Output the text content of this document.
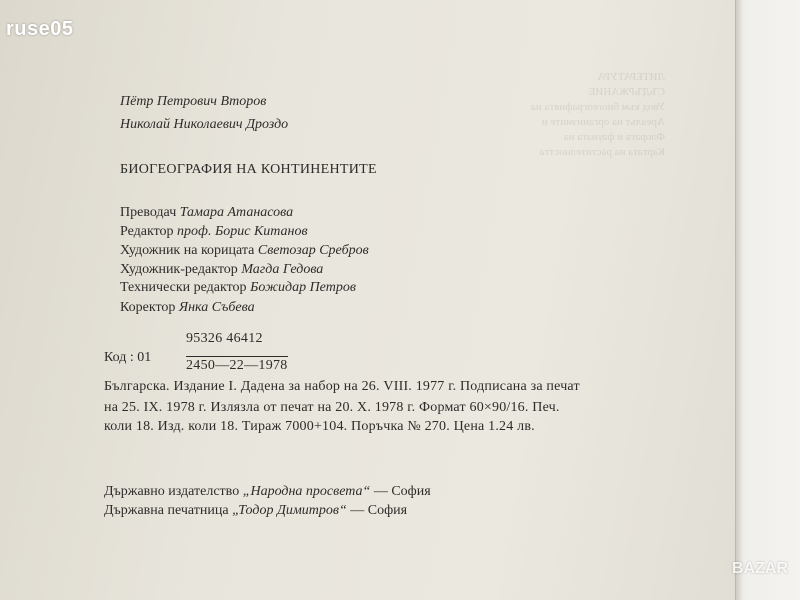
ЛИТЕРАТУРА
СЪДЪРЖАНИЕ
Увод към биогеографията на
Ареалът на организмите и
Флората и фауната на
Картата на растителността
Пётр Петрович Второв
Николай Николаевич Дроздо
БИОГЕОГРАФИЯ НА КОНТИНЕНТИТЕ
Преводач Тамара Атанасова
Редактор проф. Борис Китанов
Художник на корицата Светозар Сребров
Художник-редактор Магда Гедова
Технически редактор Божидар Петров
Коректор Янка Събева
Код : 01
95326 46412
2450—22—1978
Българска. Издание I. Дадена за набор на 26. VIII. 1977 г. Подписана за печат
на 25. IX. 1978 г. Излязла от печат на 20. Х. 1978 г. Формат 60×90/16. Печ.
коли 18. Изд. коли 18. Тираж 7000+104. Поръчка № 270. Цена 1.24 лв.
Държавно издателство „Народна просвета“ — София
Държавна печатница „Тодор Димитров“ — София
ruse05
BAZAR
